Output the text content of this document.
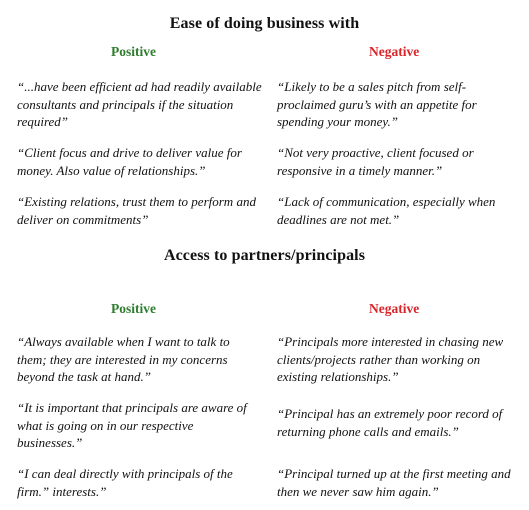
Ease of doing business with
Positive	Negative
“...have been efficient ad had readily available consultants and principals if the situation required”
“Client focus and drive to deliver value for money. Also value of relationships.”
“Existing relations, trust them to perform and deliver on commitments”
“Likely to be a sales pitch from self-proclaimed guru’s with an appetite for spending your money.”
“Not very proactive, client focused or responsive in a timely manner.”
“Lack of communication, especially when deadlines are not met.”
Access to partners/principals
Positive	Negative
“Always available when I want to talk to them; they are interested in my concerns beyond the task at hand.”
“It is important that principals are aware of what is going on in our respective businesses.”
“I can deal directly with principals of the firm.” interests.”
“Principals more interested in chasing new clients/projects rather than working on existing relationships.”
“Principal has an extremely poor record of returning phone calls and emails.”
“Principal turned up at the first meeting and then we never saw him again.”
